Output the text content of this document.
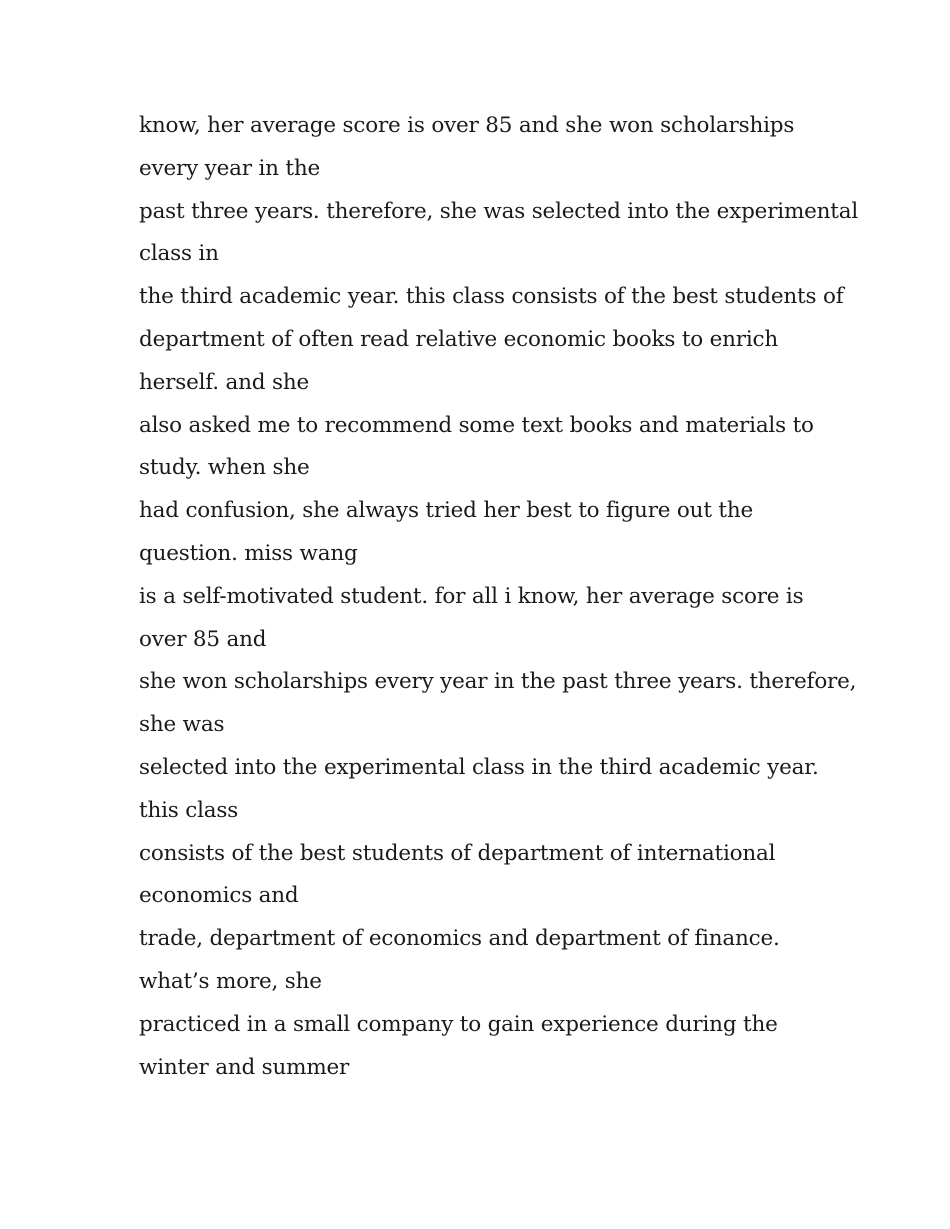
know, her average score is over 85 and she won scholarships
every year in the
past three years. therefore, she was selected into the experimental
class in
the third academic year. this class consists of the best students of
department of often read relative economic books to enrich
herself. and she
also asked me to recommend some text books and materials to
study. when she
had confusion, she always tried her best to figure out the
question. miss wang
is a self-motivated student. for all i know, her average score is
over 85 and
she won scholarships every year in the past three years. therefore,
she was
selected into the experimental class in the third academic year.
this class
consists of the best students of department of international
economics and
trade, department of economics and department of finance.
what’s more, she
practiced in a small company to gain experience during the
winter and summer
